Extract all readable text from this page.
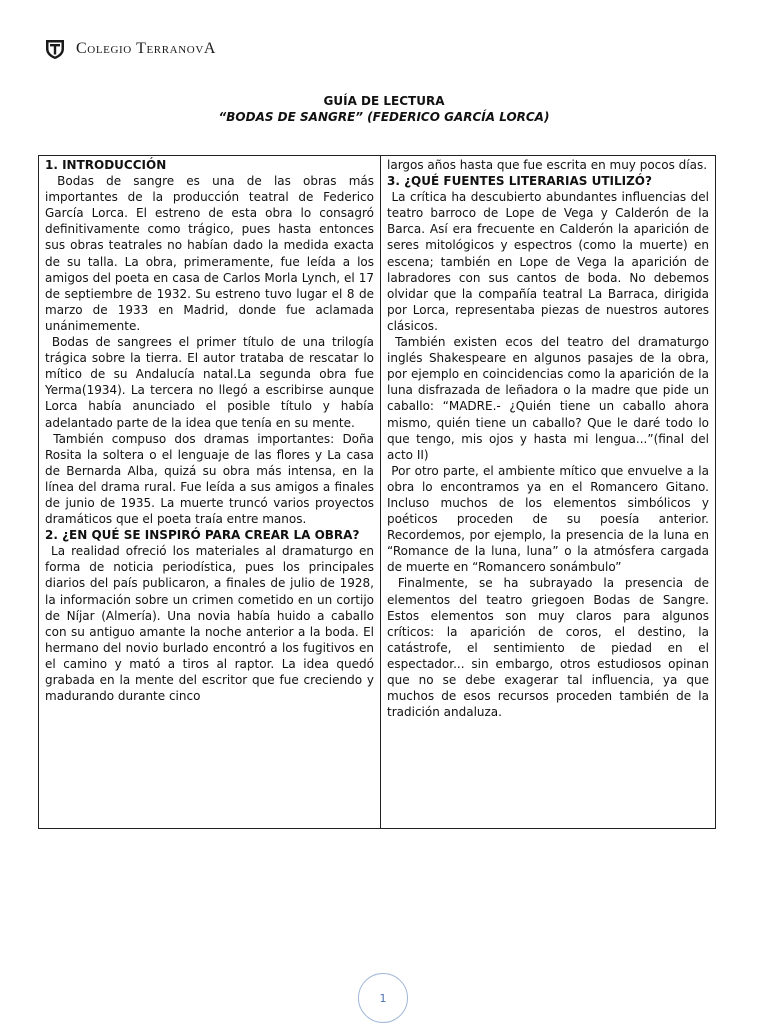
Colegio TerranovA
GUÍA DE LECTURA
“BODAS DE SANGRE” (FEDERICO GARCÍA LORCA)

1. INTRODUCCIÓN

Bodas de sangre es una de las obras más importantes de la producción teatral de Federico García Lorca. El estreno de esta obra lo consagró definitivamente como trágico, pues hasta entonces sus obras teatrales no habían dado la medida exacta de su talla. La obra, primeramente, fue leída a los amigos del poeta en casa de Carlos Morla Lynch, el 17 de septiembre de 1932. Su estreno tuvo lugar el 8 de marzo de 1933 en Madrid, donde fue aclamada unánimemente.

Bodas de sangrees el primer título de una trilogía trágica sobre la tierra. El autor trataba de rescatar lo mítico de su Andalucía natal.La segunda obra fue Yerma(1934). La tercera no llegó a escribirse aunque Lorca había anunciado el posible título y había adelantado parte de la idea que tenía en su mente.

También compuso dos dramas importantes: Doña Rosita la soltera o el lenguaje de las flores y La casa de Bernarda Alba, quizá su obra más intensa, en la línea del drama rural. Fue leída a sus amigos a finales de junio de 1935. La muerte truncó varios proyectos dramáticos que el poeta traía entre manos.

2. ¿EN QUÉ SE INSPIRÓ PARA CREAR LA OBRA?

La realidad ofreció los materiales al dramaturgo en forma de noticia periodística, pues los principales diarios del país publicaron, a finales de julio de 1928, la información sobre un crimen cometido en un cortijo de Níjar (Almería). Una novia había huido a caballo con su antiguo amante la noche anterior a la boda. El hermano del novio burlado encontró a los fugitivos en el camino y mató a tiros al raptor. La idea quedó grabada en la mente del escritor que fue creciendo y madurando durante cinco

largos años hasta que fue escrita en muy pocos días.

3. ¿QUÉ FUENTES LITERARIAS UTILIZÓ?

La crítica ha descubierto abundantes influencias del teatro barroco de Lope de Vega y Calderón de la Barca. Así era frecuente en Calderón la aparición de seres mitológicos y espectros (como la muerte) en escena; también en Lope de Vega la aparición de labradores con sus cantos de boda. No debemos olvidar que la compañía teatral La Barraca, dirigida por Lorca, representaba piezas de nuestros autores clásicos.

También existen ecos del teatro del dramaturgo inglés Shakespeare en algunos pasajes de la obra, por ejemplo en coincidencias como la aparición de la luna disfrazada de leñadora o la madre que pide un caballo: “MADRE.- ¿Quién tiene un caballo ahora mismo, quién tiene un caballo? Que le daré todo lo que tengo, mis ojos y hasta mi lengua...”(final del acto II)

Por otro parte, el ambiente mítico que envuelve a la obra lo encontramos ya en el Romancero Gitano. Incluso muchos de los elementos simbólicos y poéticos proceden de su poesía anterior. Recordemos, por ejemplo, la presencia de la luna en “Romance de la luna, luna” o la atmósfera cargada de muerte en “Romancero sonámbulo”

Finalmente, se ha subrayado la presencia de elementos del teatro griegoen Bodas de Sangre. Estos elementos son muy claros para algunos críticos: la aparición de coros, el destino, la catástrofe, el sentimiento de piedad en el espectador... sin embargo, otros estudiosos opinan que no se debe exagerar tal influencia, ya que muchos de esos recursos proceden también de la tradición andaluza.

1
